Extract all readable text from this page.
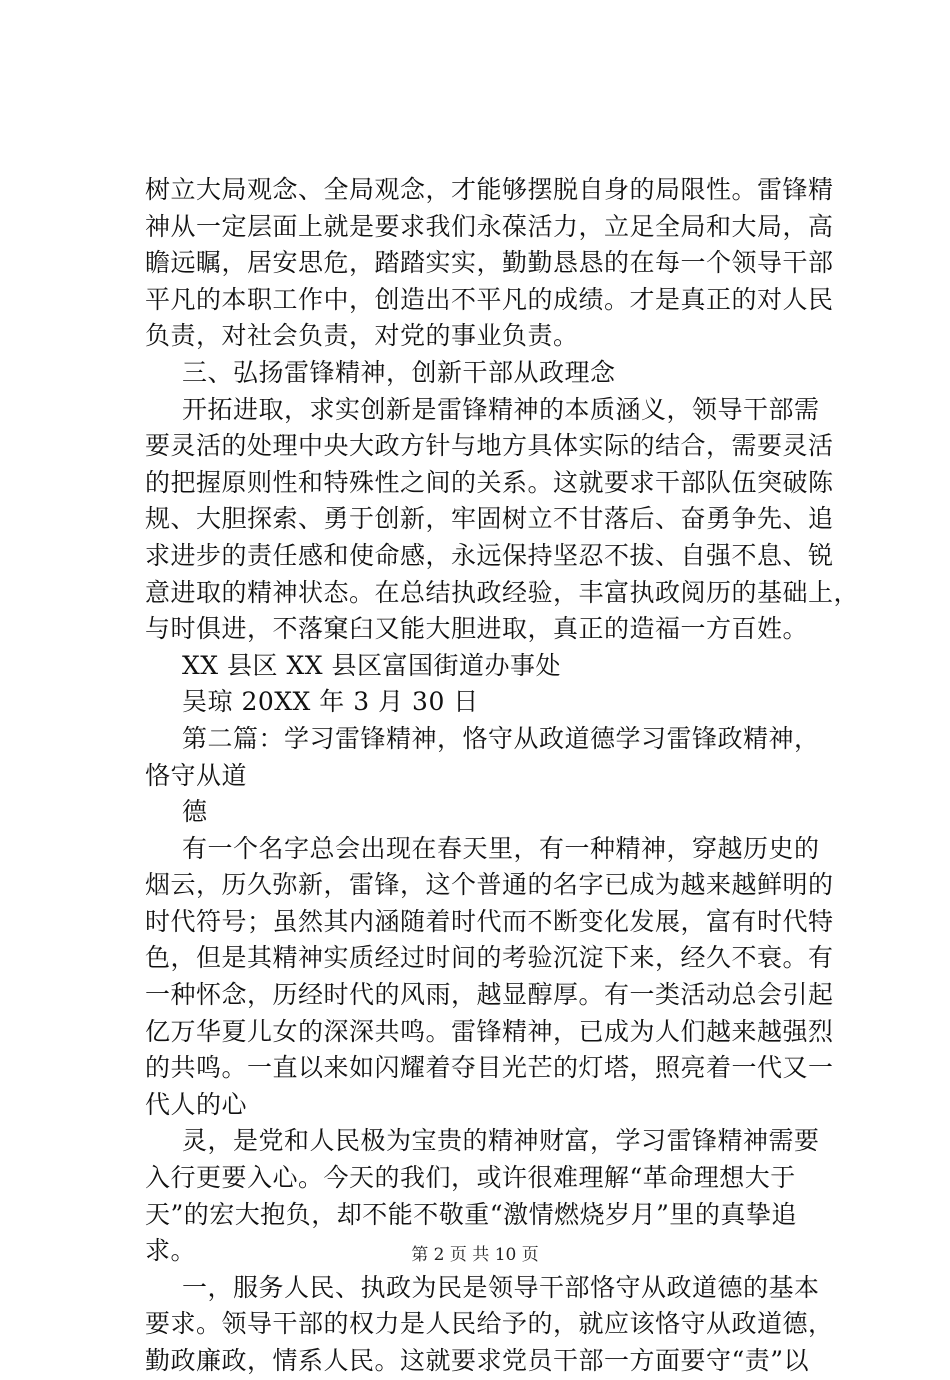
树立大局观念、全局观念，才能够摆脱自身的局限性。雷锋精
神从一定层面上就是要求我们永葆活力，立足全局和大局，高
瞻远瞩，居安思危，踏踏实实，勤勤恳恳的在每一个领导干部
平凡的本职工作中，创造出不平凡的成绩。才是真正的对人民
负责，对社会负责，对党的事业负责。
三、弘扬雷锋精神，创新干部从政理念
开拓进取，求实创新是雷锋精神的本质涵义，领导干部需
要灵活的处理中央大政方针与地方具体实际的结合，需要灵活
的把握原则性和特殊性之间的关系。这就要求干部队伍突破陈
规、大胆探索、勇于创新，牢固树立不甘落后、奋勇争先、追
求进步的责任感和使命感，永远保持坚忍不拔、自强不息、锐
意进取的精神状态。在总结执政经验，丰富执政阅历的基础上，
与时俱进，不落窠臼又能大胆进取，真正的造福一方百姓。
XX 县区 XX 县区富国街道办事处
吴琼 20XX 年 3 月 30 日
第二篇：学习雷锋精神，恪守从政道德学习雷锋政精神，
恪守从道
德
有一个名字总会出现在春天里，有一种精神，穿越历史的
烟云，历久弥新，雷锋，这个普通的名字已成为越来越鲜明的
时代符号；虽然其内涵随着时代而不断变化发展，富有时代特
色，但是其精神实质经过时间的考验沉淀下来，经久不衰。有
一种怀念，历经时代的风雨，越显醇厚。有一类活动总会引起
亿万华夏儿女的深深共鸣。雷锋精神，已成为人们越来越强烈
的共鸣。一直以来如闪耀着夺目光芒的灯塔，照亮着一代又一
代人的心
灵，是党和人民极为宝贵的精神财富，学习雷锋精神需要
入行更要入心。今天的我们，或许很难理解“革命理想大于
天”的宏大抱负，却不能不敬重“激情燃烧岁月”里的真挚追
求。
一，服务人民、执政为民是领导干部恪守从政道德的基本
要求。领导干部的权力是人民给予的，就应该恪守从政道德，
勤政廉政，情系人民。这就要求党员干部一方面要守“责”以
第 2 页 共 10 页
